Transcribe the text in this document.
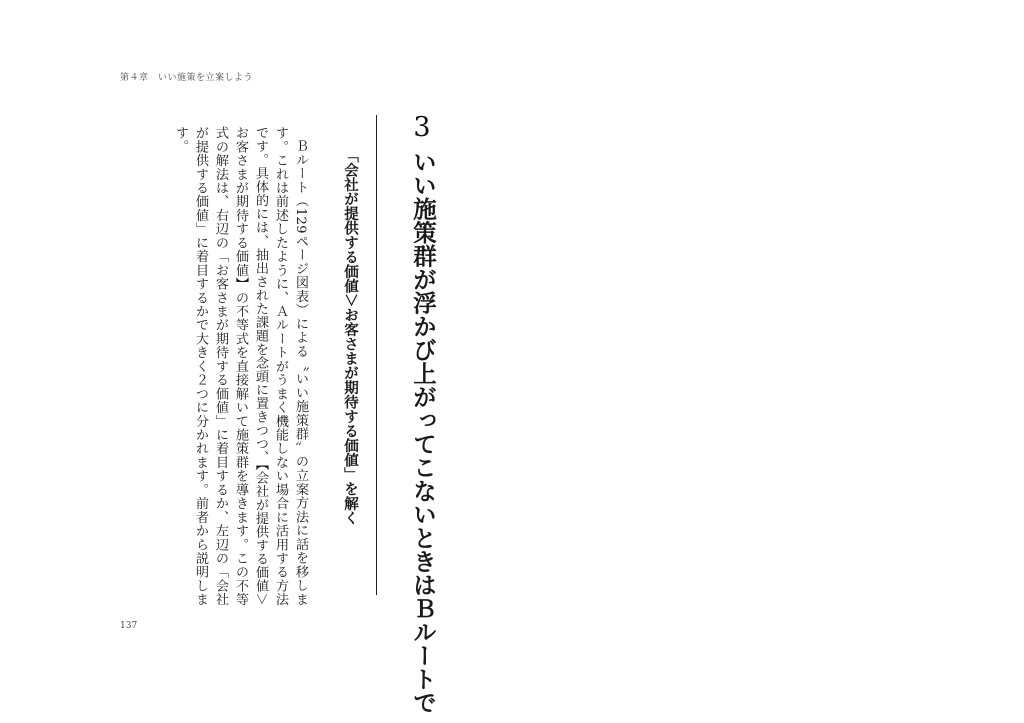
第４章　いい施策を立案しよう
3
いい施策群が浮かび上がってこないときはＢルートで
「会社が提供する価値＞お客さまが期待する価値」を解く

Ｂルート（129ページ図表）による〝いい施策群〟の立案方法に話を移します。これは前述したように、Ａルートがうまく機能しない場合に活用する方法です。具体的には、抽出された課題を念頭に置きつつ、【会社が提供する価値＞お客さまが期待する価値】の不等式を直接解いて施策群を導きます。この不等式の解法は、右辺の「お客さまが期待する価値」に着目するか、左辺の「会社が提供する価値」に着目するかで大きく２つに分かれます。前者から説明します。

137
